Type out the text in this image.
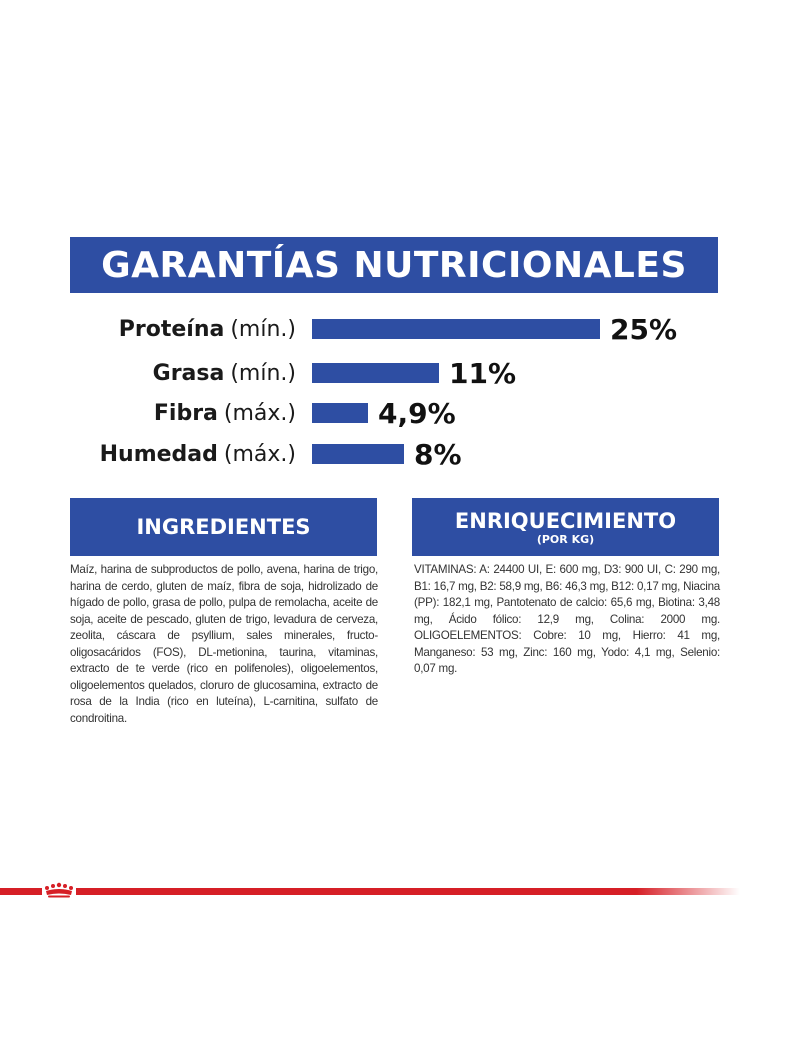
GARANTÍAS NUTRICIONALES
Proteína (mín.)	25%
Grasa (mín.)	11%
Fibra (máx.)	4,9%
Humedad (máx.)	8%
INGREDIENTES
Maíz, harina de subproductos de pollo, avena, harina de trigo, harina de cerdo, gluten de maíz, fibra de soja, hidrolizado de hígado de pollo, grasa de pollo, pulpa de remolacha, aceite de soja, aceite de pescado, gluten de trigo, levadura de cerveza, zeolita, cáscara de psyllium, sales minerales, fructo-oligosacáridos (FOS), DL-metionina, taurina, vitaminas, extracto de te verde (rico en polifenoles), oligoelementos, oligoelementos quelados, cloruro de glucosamina, extracto de rosa de la India (rico en luteína), L-carnitina, sulfato de condroitina.
ENRIQUECIMIENTO
(POR KG)
VITAMINAS: A: 24400 UI, E: 600 mg, D3: 900 UI, C: 290 mg, B1: 16,7 mg, B2: 58,9 mg, B6: 46,3 mg, B12: 0,17 mg, Niacina (PP): 182,1 mg, Pantotenato de calcio: 65,6 mg, Biotina: 3,48 mg, Ácido fólico: 12,9 mg, Colina: 2000 mg. OLIGOELEMENTOS: Cobre: 10 mg, Hierro: 41 mg, Manganeso: 53 mg, Zinc: 160 mg, Yodo: 4,1 mg, Selenio: 0,07 mg.
